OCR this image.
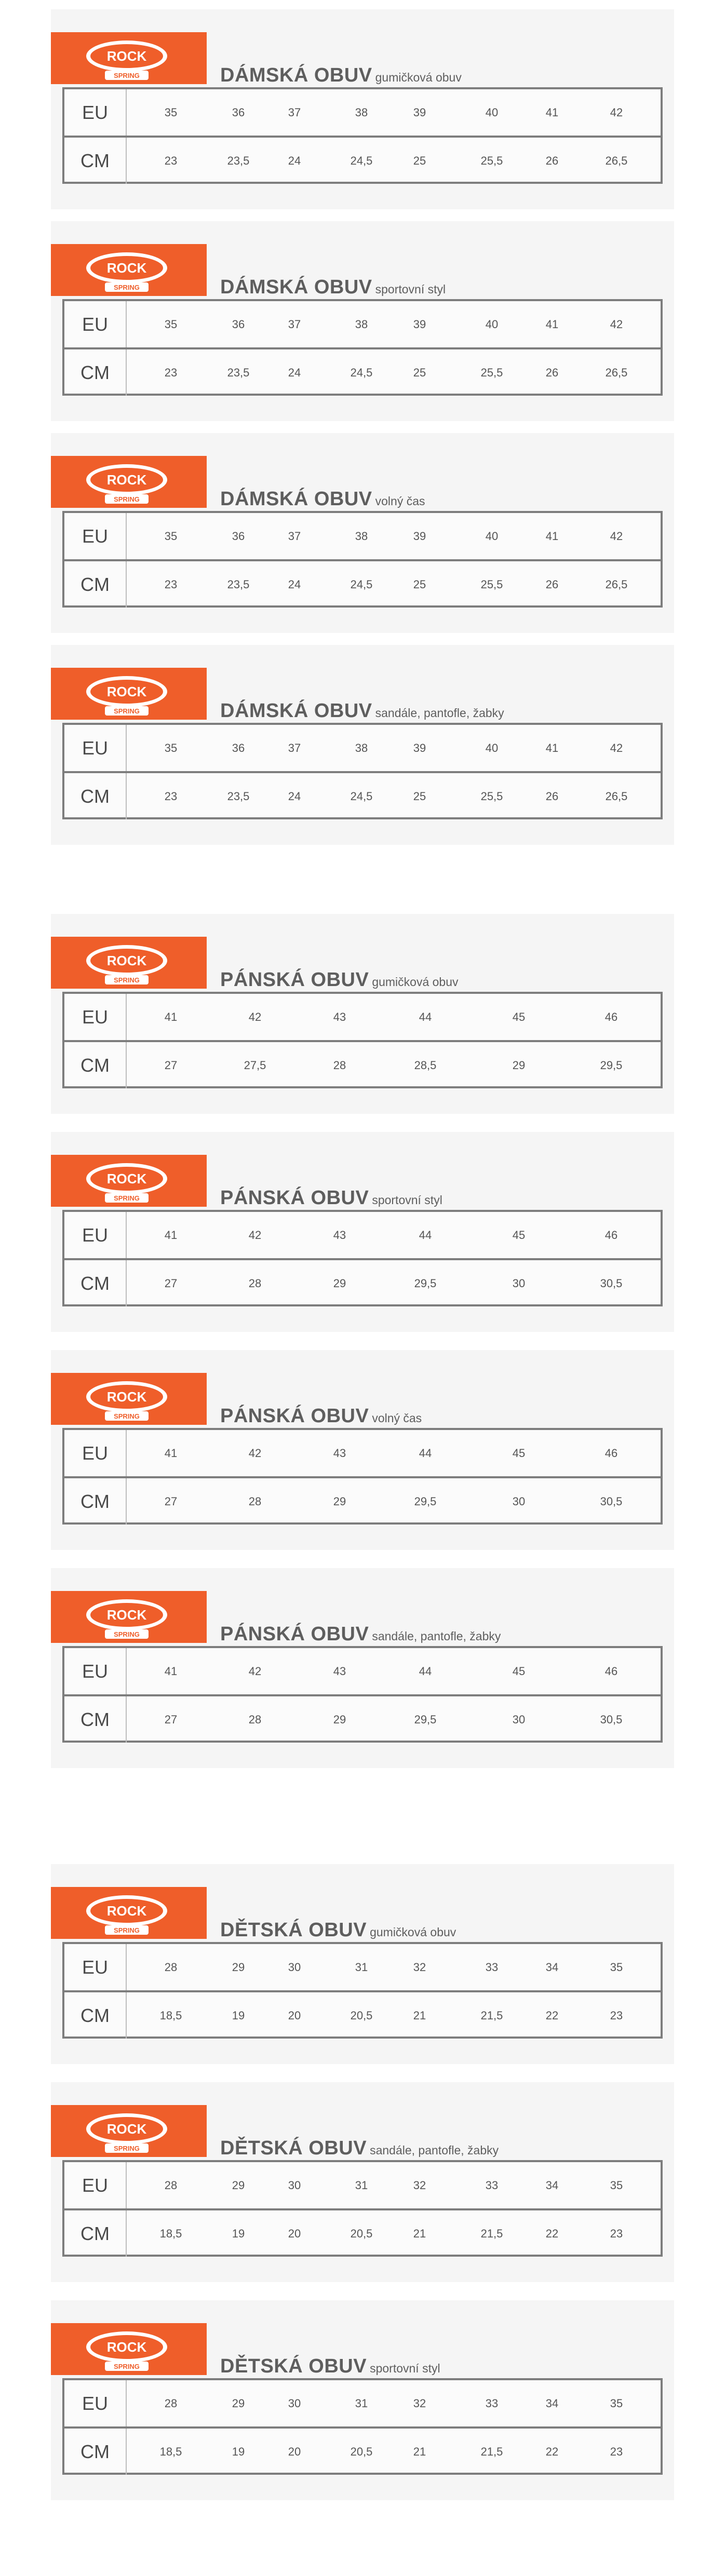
ROCK
SPRING	DÁMSKÁ OBUV gumičková obuv
EU	35	36	37	38	39	40	41	42
CM	23	23,5	24	24,5	25	25,5	26	26,5
ROCK
SPRING	DÁMSKÁ OBUV sportovní styl
EU	35	36	37	38	39	40	41	42
CM	23	23,5	24	24,5	25	25,5	26	26,5
ROCK
SPRING	DÁMSKÁ OBUV volný čas
EU	35	36	37	38	39	40	41	42
CM	23	23,5	24	24,5	25	25,5	26	26,5
ROCK
SPRING	DÁMSKÁ OBUV sandále, pantofle, žabky
EU	35	36	37	38	39	40	41	42
CM	23	23,5	24	24,5	25	25,5	26	26,5
ROCK
SPRING	PÁNSKÁ OBUV gumičková obuv
EU	41	42	43	44	45	46
CM	27	27,5	28	28,5	29	29,5
ROCK
SPRING	PÁNSKÁ OBUV sportovní styl
EU	41	42	43	44	45	46
CM	27	28	29	29,5	30	30,5
ROCK
SPRING	PÁNSKÁ OBUV volný čas
EU	41	42	43	44	45	46
CM	27	28	29	29,5	30	30,5
ROCK
SPRING	PÁNSKÁ OBUV sandále, pantofle, žabky
EU	41	42	43	44	45	46
CM	27	28	29	29,5	30	30,5
ROCK
SPRING	DĚTSKÁ OBUV gumičková obuv
EU	28	29	30	31	32	33	34	35
CM	18,5	19	20	20,5	21	21,5	22	23
ROCK
SPRING	DĚTSKÁ OBUV sandále, pantofle, žabky
EU	28	29	30	31	32	33	34	35
CM	18,5	19	20	20,5	21	21,5	22	23
ROCK
SPRING	DĚTSKÁ OBUV sportovní styl
EU	28	29	30	31	32	33	34	35
CM	18,5	19	20	20,5	21	21,5	22	23
